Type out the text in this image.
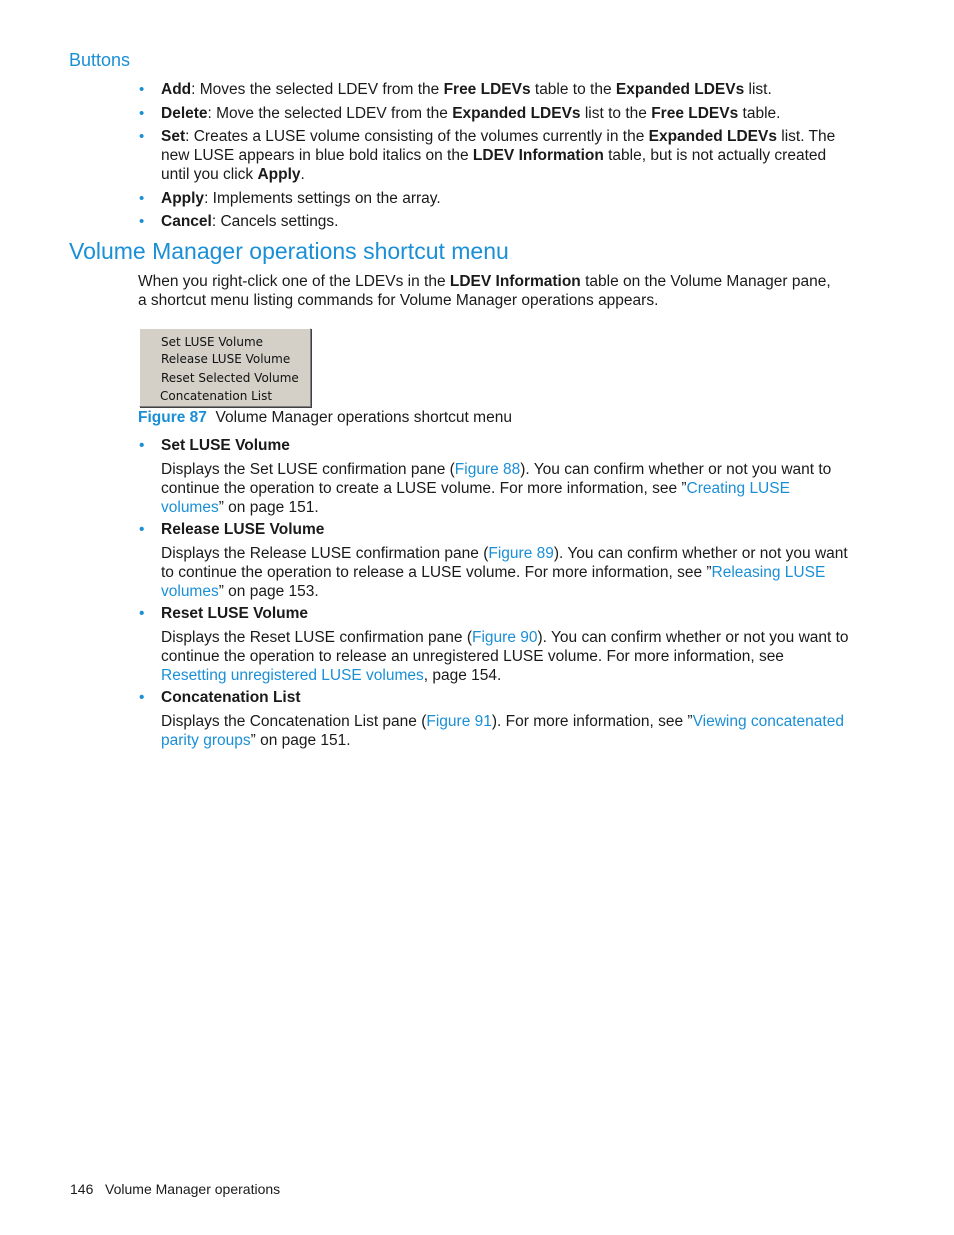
Buttons
• Add: Moves the selected LDEV from the Free LDEVs table to the Expanded LDEVs list.
• Delete: Move the selected LDEV from the Expanded LDEVs list to the Free LDEVs table.
• Set: Creates a LUSE volume consisting of the volumes currently in the Expanded LDEVs list. The new LUSE appears in blue bold italics on the LDEV Information table, but is not actually created until you click Apply.
• Apply: Implements settings on the array.
• Cancel: Cancels settings.
Volume Manager operations shortcut menu
When you right-click one of the LDEVs in the LDEV Information table on the Volume Manager pane, a shortcut menu listing commands for Volume Manager operations appears.
Set LUSE Volume
Release LUSE Volume
Reset Selected Volume
Concatenation List
Figure 87 Volume Manager operations shortcut menu
• Set LUSE Volume
Displays the Set LUSE confirmation pane (Figure 88). You can confirm whether or not you want to continue the operation to create a LUSE volume. For more information, see ”Creating LUSE volumes” on page 151.
• Release LUSE Volume
Displays the Release LUSE confirmation pane (Figure 89). You can confirm whether or not you want to continue the operation to release a LUSE volume. For more information, see ”Releasing LUSE volumes” on page 153.
• Reset LUSE Volume
Displays the Reset LUSE confirmation pane (Figure 90). You can confirm whether or not you want to continue the operation to release an unregistered LUSE volume. For more information, see Resetting unregistered LUSE volumes, page 154.
• Concatenation List
Displays the Concatenation List pane (Figure 91). For more information, see ”Viewing concatenated parity groups” on page 151.
146 Volume Manager operations
